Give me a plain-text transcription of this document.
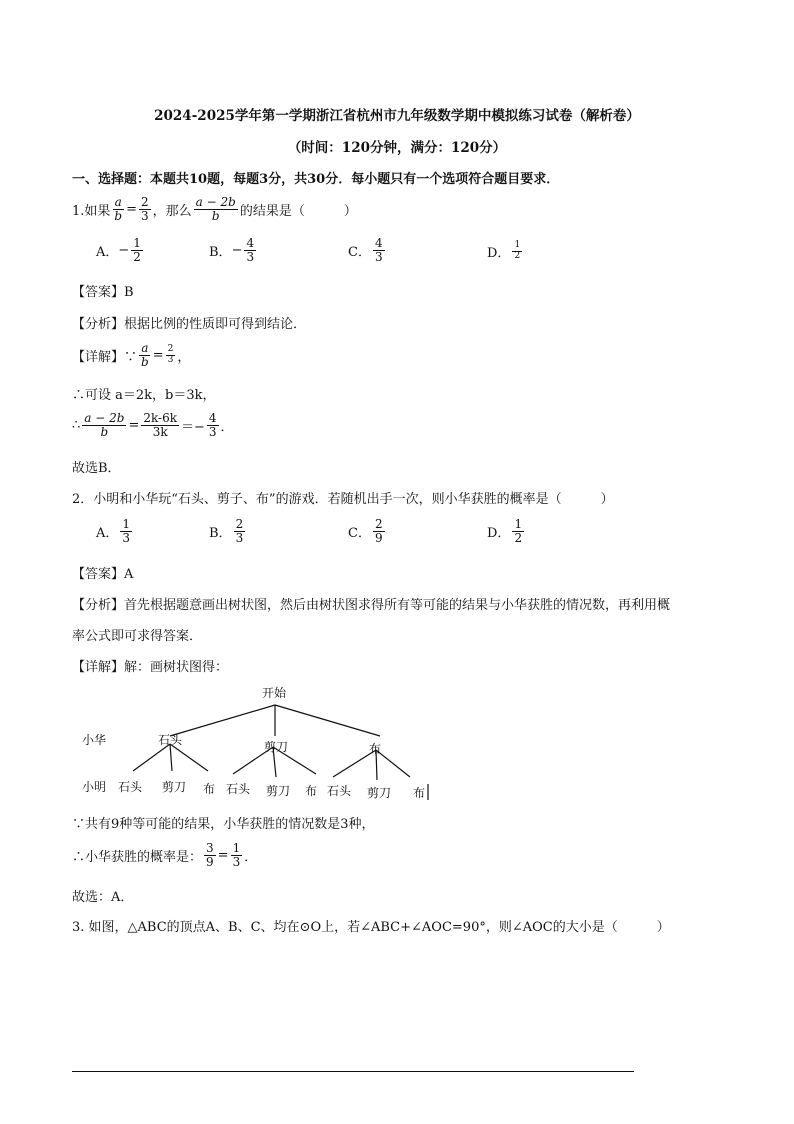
2024-2025学年第一学期浙江省杭州市九年级数学期中模拟练习试卷（解析卷）
（时间：120分钟，满分：120分）
一、选择题：本题共10题，每题3分，共30分．每小题只有一个选项符合题目要求．
1.如果 $\frac{a}{b} = \frac{2}{3}$ ，那么 $\frac{a - 2b}{b}$ 的结果是（　　　）
A． − $\frac{1}{2}$	B． − $\frac{4}{3}$	C． $\frac{4}{3}$	D． $\frac{1}{2}$
【答案】B
【分析】根据比例的性质即可得到结论．
【详解】∵ $\frac{a}{b} = \frac{2}{3}$ ，
∴可设 a＝2k，b＝3k，
∴ $\frac{a - 2b}{b} = \frac{2k-6k}{3k} =- \frac{4}{3}$ ．
故选B．
2．小明和小华玩“石头、剪子、布”的游戏．若随机出手一次，则小华获胜的概率是（　　　）
A． $\frac{1}{3}$	B． $\frac{2}{3}$	C． $\frac{2}{9}$	D． $\frac{1}{2}$
【答案】A
【分析】首先根据题意画出树状图，然后由树状图求得所有等可能的结果与小华获胜的情况数，再利用概
率公式即可求得答案．
【详解】解：画树状图得：
开始
小华
小明
石头	剪刀	布
石头 剪刀 布 石头 剪刀 布 石头 剪刀 布
∵共有9种等可能的结果，小华获胜的情况数是3种，
∴小华获胜的概率是： $\frac{3}{9} = \frac{1}{3}$ ．
故选：A．
3. 如图，△ABC的顶点A、B、C、均在⊙O上，若∠ABC+∠AOC=90°，则∠AOC的大小是（　　　）
